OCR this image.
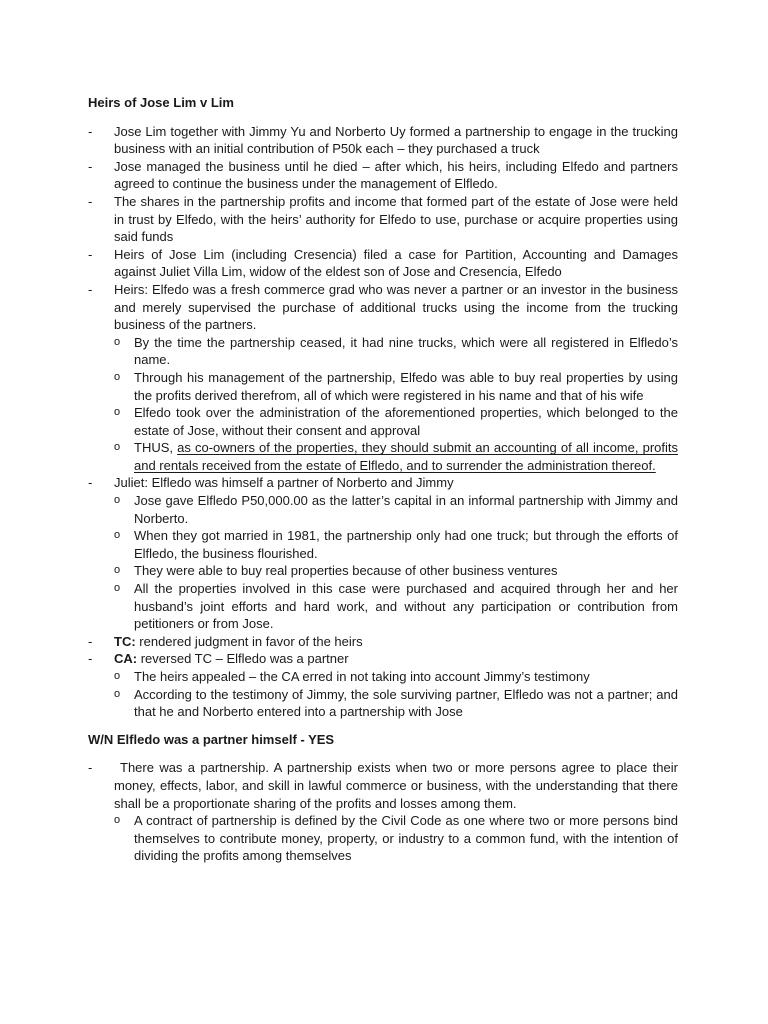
Heirs of Jose Lim v Lim

- Jose Lim together with Jimmy Yu and Norberto Uy formed a partnership to engage in the trucking business with an initial contribution of P50k each – they purchased a truck
- Jose managed the business until he died – after which, his heirs, including Elfedo and partners agreed to continue the business under the management of Elfledo.
- The shares in the partnership profits and income that formed part of the estate of Jose were held in trust by Elfedo, with the heirs’ authority for Elfedo to use, purchase or acquire properties using said funds
- Heirs of Jose Lim (including Cresencia) filed a case for Partition, Accounting and Damages against Juliet Villa Lim, widow of the eldest son of Jose and Cresencia, Elfedo
- Heirs: Elfedo was a fresh commerce grad who was never a partner or an investor in the business and merely supervised the purchase of additional trucks using the income from the trucking business of the partners.
o By the time the partnership ceased, it had nine trucks, which were all registered in Elfledo’s name.
o Through his management of the partnership, Elfedo was able to buy real properties by using the profits derived therefrom, all of which were registered in his name and that of his wife
o Elfedo took over the administration of the aforementioned properties, which belonged to the estate of Jose, without their consent and approval
o THUS, as co-owners of the properties, they should submit an accounting of all income, profits and rentals received from the estate of Elfledo, and to surrender the administration thereof.
- Juliet: Elfledo was himself a partner of Norberto and Jimmy
o Jose gave Elfledo P50,000.00 as the latter’s capital in an informal partnership with Jimmy and Norberto.
o When they got married in 1981, the partnership only had one truck; but through the efforts of Elfledo, the business flourished.
o They were able to buy real properties because of other business ventures
o All the properties involved in this case were purchased and acquired through her and her husband’s joint efforts and hard work, and without any participation or contribution from petitioners or from Jose.
- TC: rendered judgment in favor of the heirs
- CA: reversed TC – Elfledo was a partner
o The heirs appealed – the CA erred in not taking into account Jimmy’s testimony
o According to the testimony of Jimmy, the sole surviving partner, Elfledo was not a partner; and that he and Norberto entered into a partnership with Jose

W/N Elfledo was a partner himself - YES

- There was a partnership. A partnership exists when two or more persons agree to place their money, effects, labor, and skill in lawful commerce or business, with the understanding that there shall be a proportionate sharing of the profits and losses among them.
o A contract of partnership is defined by the Civil Code as one where two or more persons bind themselves to contribute money, property, or industry to a common fund, with the intention of dividing the profits among themselves
